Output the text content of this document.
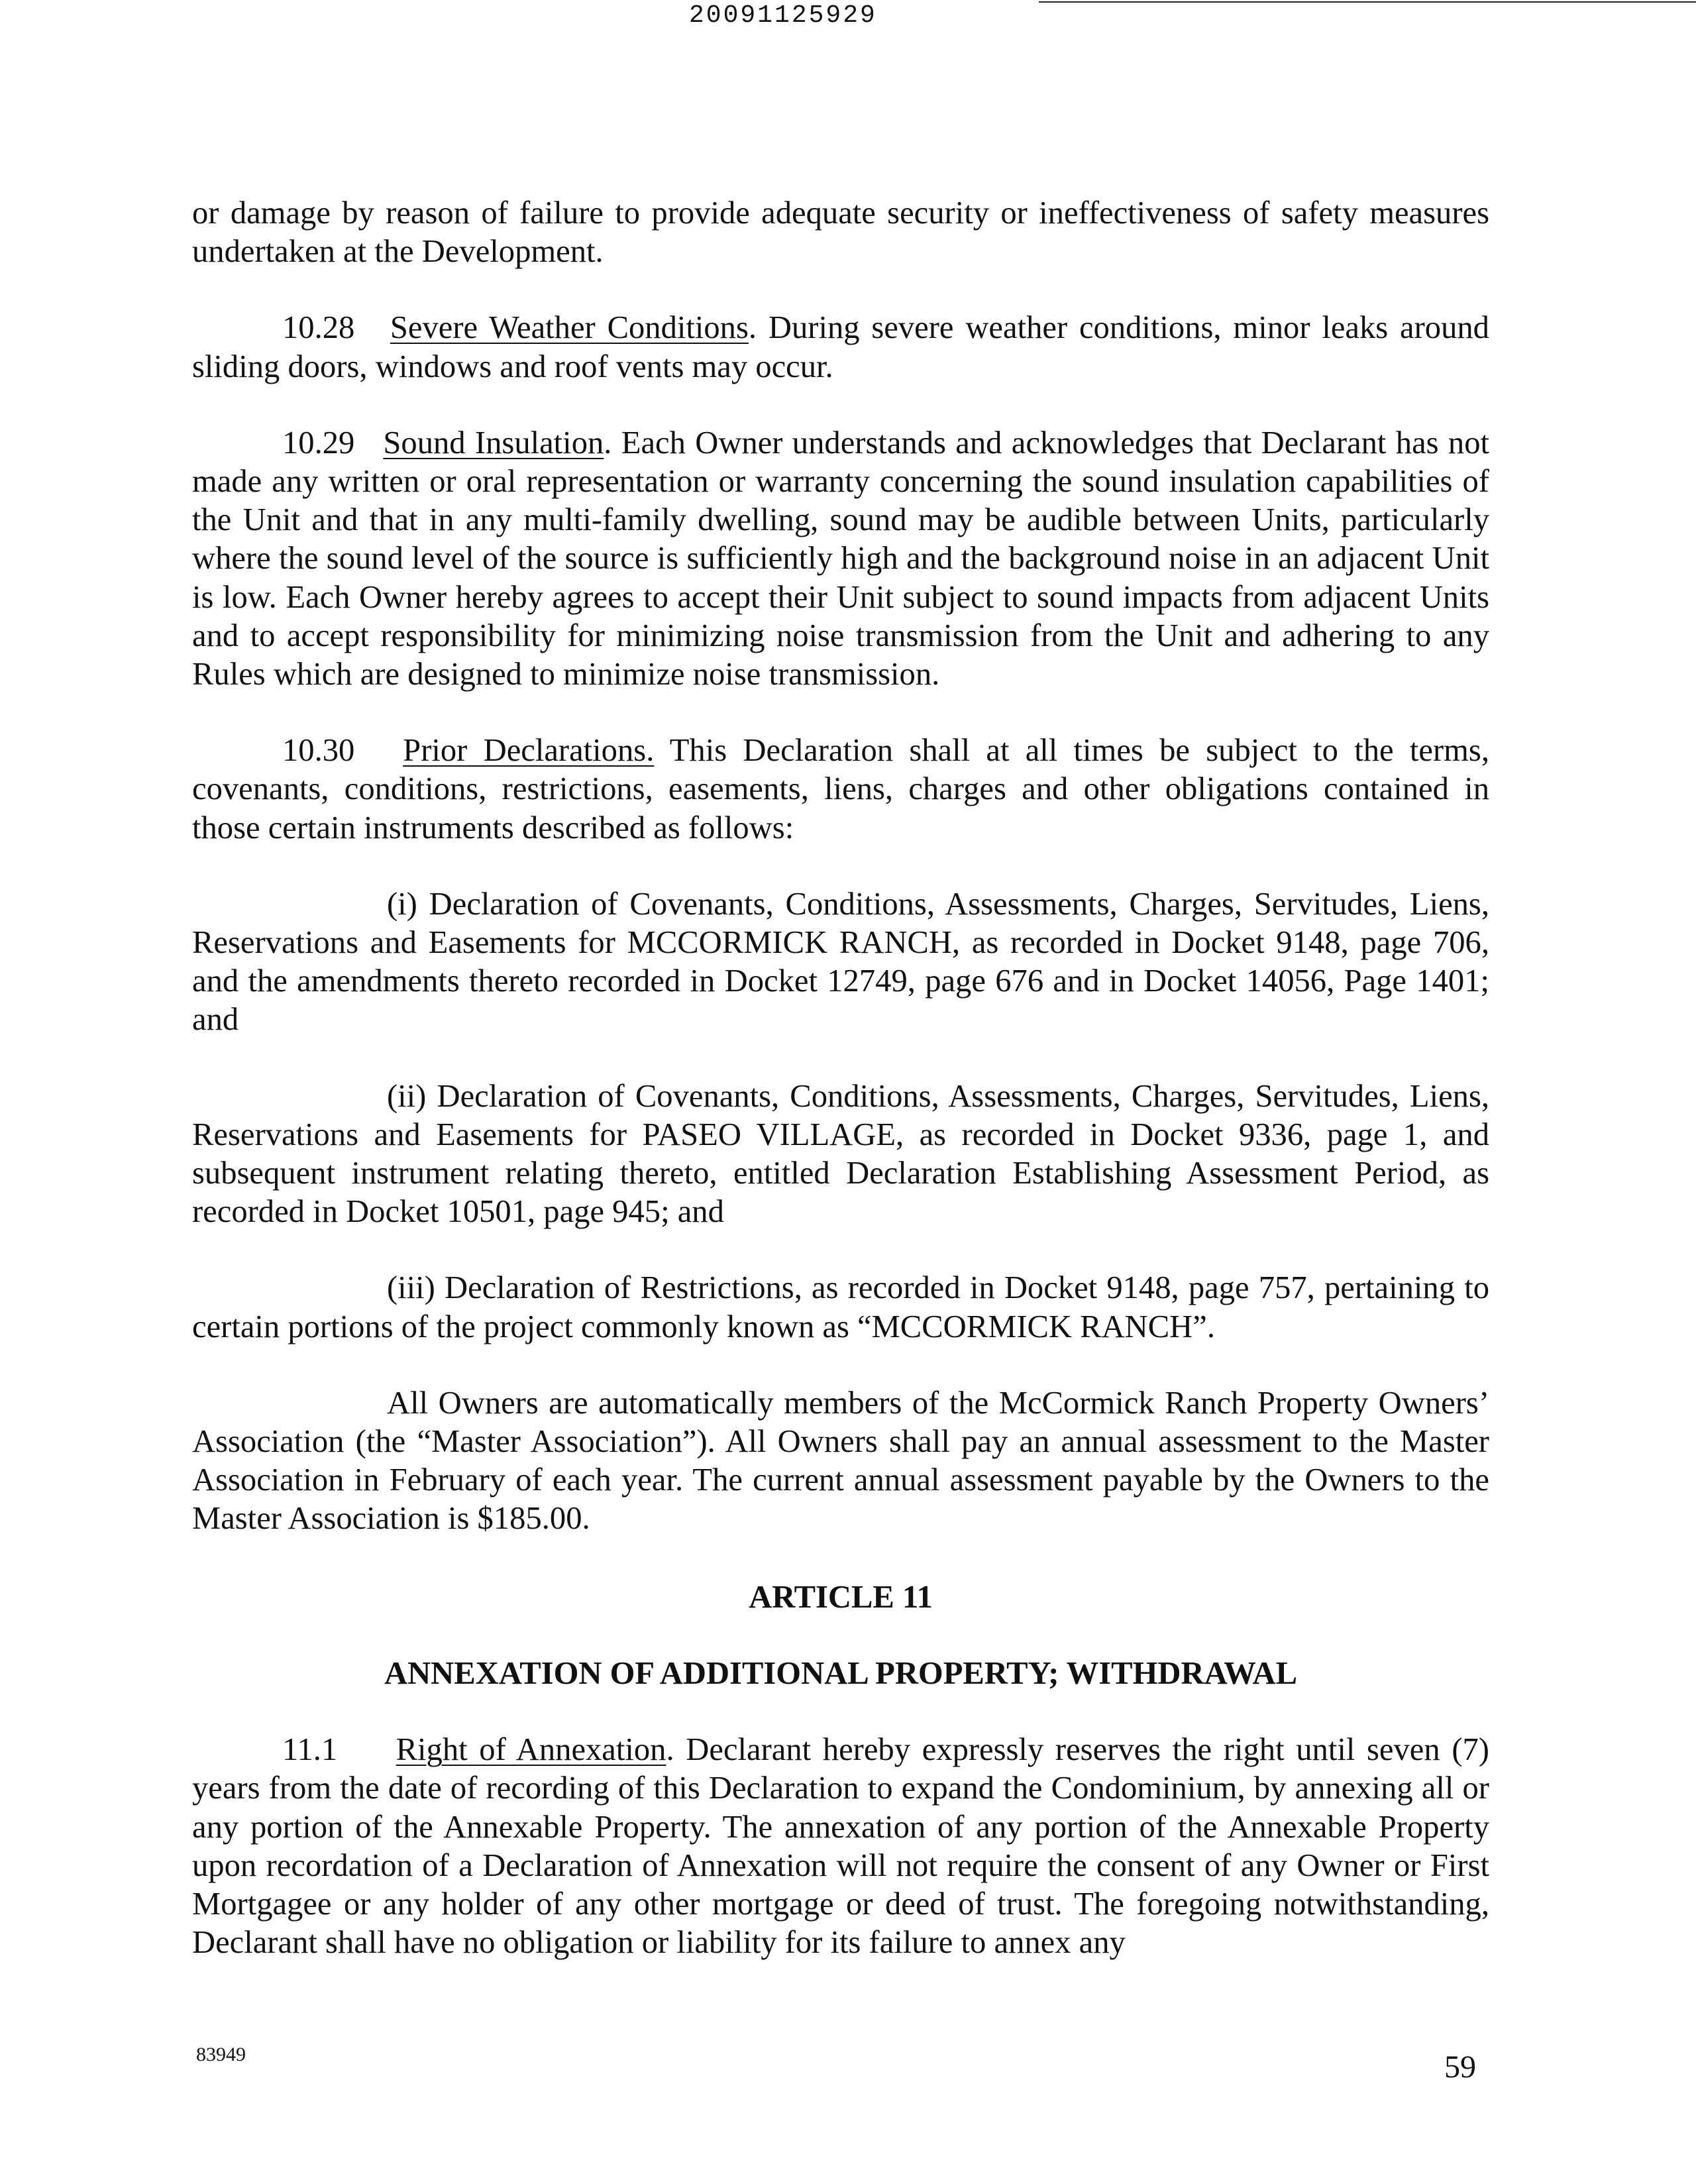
20091125929

or damage by reason of failure to provide adequate security or ineffectiveness of safety measures undertaken at the Development.

10.28 Severe Weather Conditions. During severe weather conditions, minor leaks around sliding doors, windows and roof vents may occur.

10.29 Sound Insulation. Each Owner understands and acknowledges that Declarant has not made any written or oral representation or warranty concerning the sound insulation capabilities of the Unit and that in any multi-family dwelling, sound may be audible between Units, particularly where the sound level of the source is sufficiently high and the background noise in an adjacent Unit is low. Each Owner hereby agrees to accept their Unit subject to sound impacts from adjacent Units and to accept responsibility for minimizing noise transmission from the Unit and adhering to any Rules which are designed to minimize noise transmission.

10.30 Prior Declarations. This Declaration shall at all times be subject to the terms, covenants, conditions, restrictions, easements, liens, charges and other obligations contained in those certain instruments described as follows:

(i) Declaration of Covenants, Conditions, Assessments, Charges, Servitudes, Liens, Reservations and Easements for MCCORMICK RANCH, as recorded in Docket 9148, page 706, and the amendments thereto recorded in Docket 12749, page 676 and in Docket 14056, Page 1401; and

(ii) Declaration of Covenants, Conditions, Assessments, Charges, Servitudes, Liens, Reservations and Easements for PASEO VILLAGE, as recorded in Docket 9336, page 1, and subsequent instrument relating thereto, entitled Declaration Establishing Assessment Period, as recorded in Docket 10501, page 945; and

(iii) Declaration of Restrictions, as recorded in Docket 9148, page 757, pertaining to certain portions of the project commonly known as “MCCORMICK RANCH”.

All Owners are automatically members of the McCormick Ranch Property Owners’ Association (the “Master Association”). All Owners shall pay an annual assessment to the Master Association in February of each year. The current annual assessment payable by the Owners to the Master Association is $185.00.

ARTICLE 11
ANNEXATION OF ADDITIONAL PROPERTY; WITHDRAWAL

11.1 Right of Annexation. Declarant hereby expressly reserves the right until seven (7) years from the date of recording of this Declaration to expand the Condominium, by annexing all or any portion of the Annexable Property. The annexation of any portion of the Annexable Property upon recordation of a Declaration of Annexation will not require the consent of any Owner or First Mortgagee or any holder of any other mortgage or deed of trust. The foregoing notwithstanding, Declarant shall have no obligation or liability for its failure to annex any

83949	59
